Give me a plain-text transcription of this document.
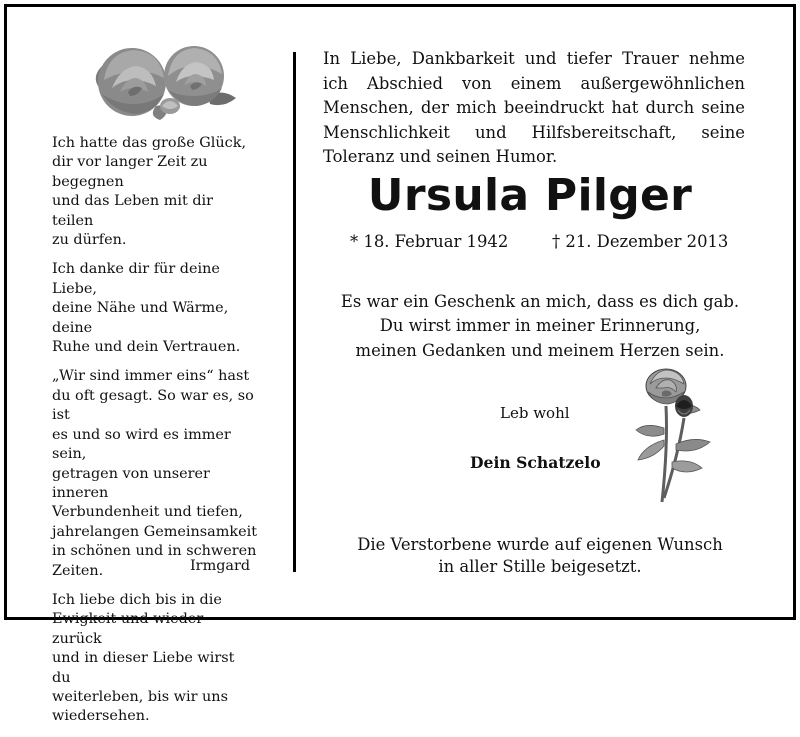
Ich hatte das große Glück,
dir vor langer Zeit zu begegnen
und das Leben mit dir teilen
zu dürfen.

Ich danke dir für deine Liebe,
deine Nähe und Wärme, deine
Ruhe und dein Vertrauen.

„Wir sind immer eins“ hast
du oft gesagt. So war es, so ist
es und so wird es immer sein,
getragen von unserer inneren
Verbundenheit und tiefen,
jahrelangen Gemeinsamkeit
in schönen und in schweren
Zeiten.

Ich liebe dich bis in die
Ewigkeit und wieder zurück
und in dieser Liebe wirst du
weiterleben, bis wir uns
wiedersehen.

Irmgard
In Liebe, Dankbarkeit und tiefer Trauer nehme ich Abschied von einem außergewöhnlichen Menschen, der mich beeindruckt hat durch seine Menschlichkeit und Hilfsbereitschaft, seine Toleranz und seinen Humor.
Ursula Pilger
* 18. Februar 1942	† 21. Dezember 2013
Es war ein Geschenk an mich, dass es dich gab.
Du wirst immer in meiner Erinnerung,
meinen Gedanken und meinem Herzen sein.
Leb wohl
Dein Schatzelo
Die Verstorbene wurde auf eigenen Wunsch
in aller Stille beigesetzt.
